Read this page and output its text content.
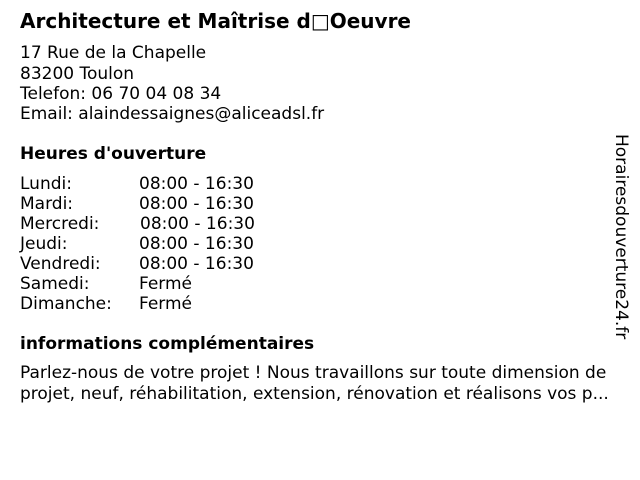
Architecture et Maîtrise d□Oeuvre
17 Rue de la Chapelle
83200 Toulon
Telefon: 06 70 04 08 34
Email: alaindessaignes@aliceadsl.fr
Heures d'ouverture
Lundi:	08:00 - 16:30
Mardi:	08:00 - 16:30
Mercredi: 08:00 - 16:30
Jeudi:	08:00 - 16:30
Vendredi: 08:00 - 16:30
Samedi:	Fermé
Dimanche: Fermé
informations complémentaires
Parlez-nous de votre projet ! Nous travaillons sur toute dimension de
projet, neuf, réhabilitation, extension, rénovation et réalisons vos p...
Horairesdouverture24.fr
